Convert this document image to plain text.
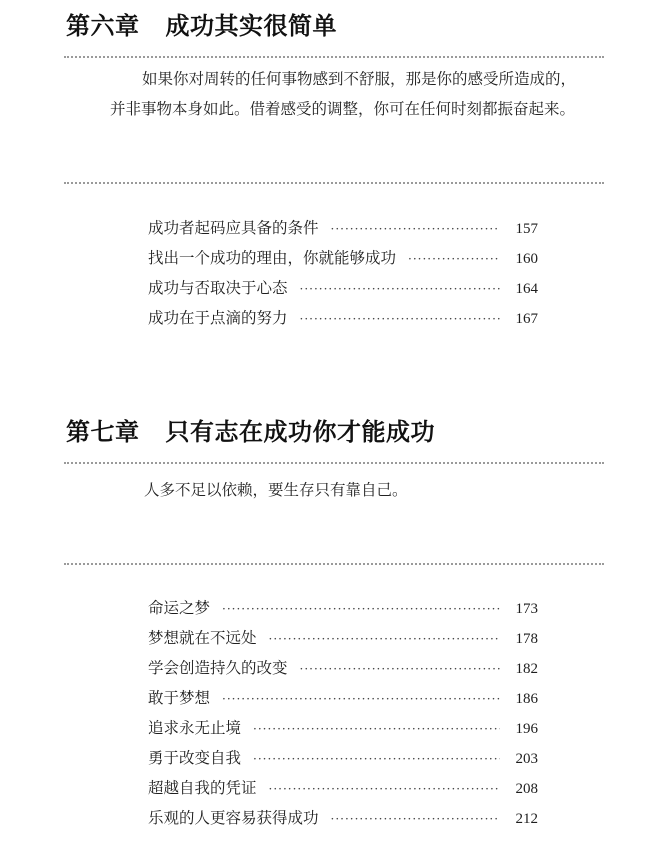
第六章 成功其实很简单

如果你对周转的任何事物感到不舒服，那是你的感受所造成的，并非事物本身如此。借着感受的调整，你可在任何时刻都振奋起来。

成功者起码应具备的条件 ·····	157
找出一个成功的理由，你就能够成功 ·····	160
成功与否取决于心态 ·····	164
成功在于点滴的努力 ·····	167
第七章 只有志在成功你才能成功

人多不足以依赖，要生存只有靠自己。

命运之梦 ·····	173
梦想就在不远处 ·····	178
学会创造持久的改变 ·····	182
敢于梦想 ·····	186
追求永无止境 ·····	196
勇于改变自我 ·····	203
超越自我的凭证 ·····	208
乐观的人更容易获得成功 ·····	212
